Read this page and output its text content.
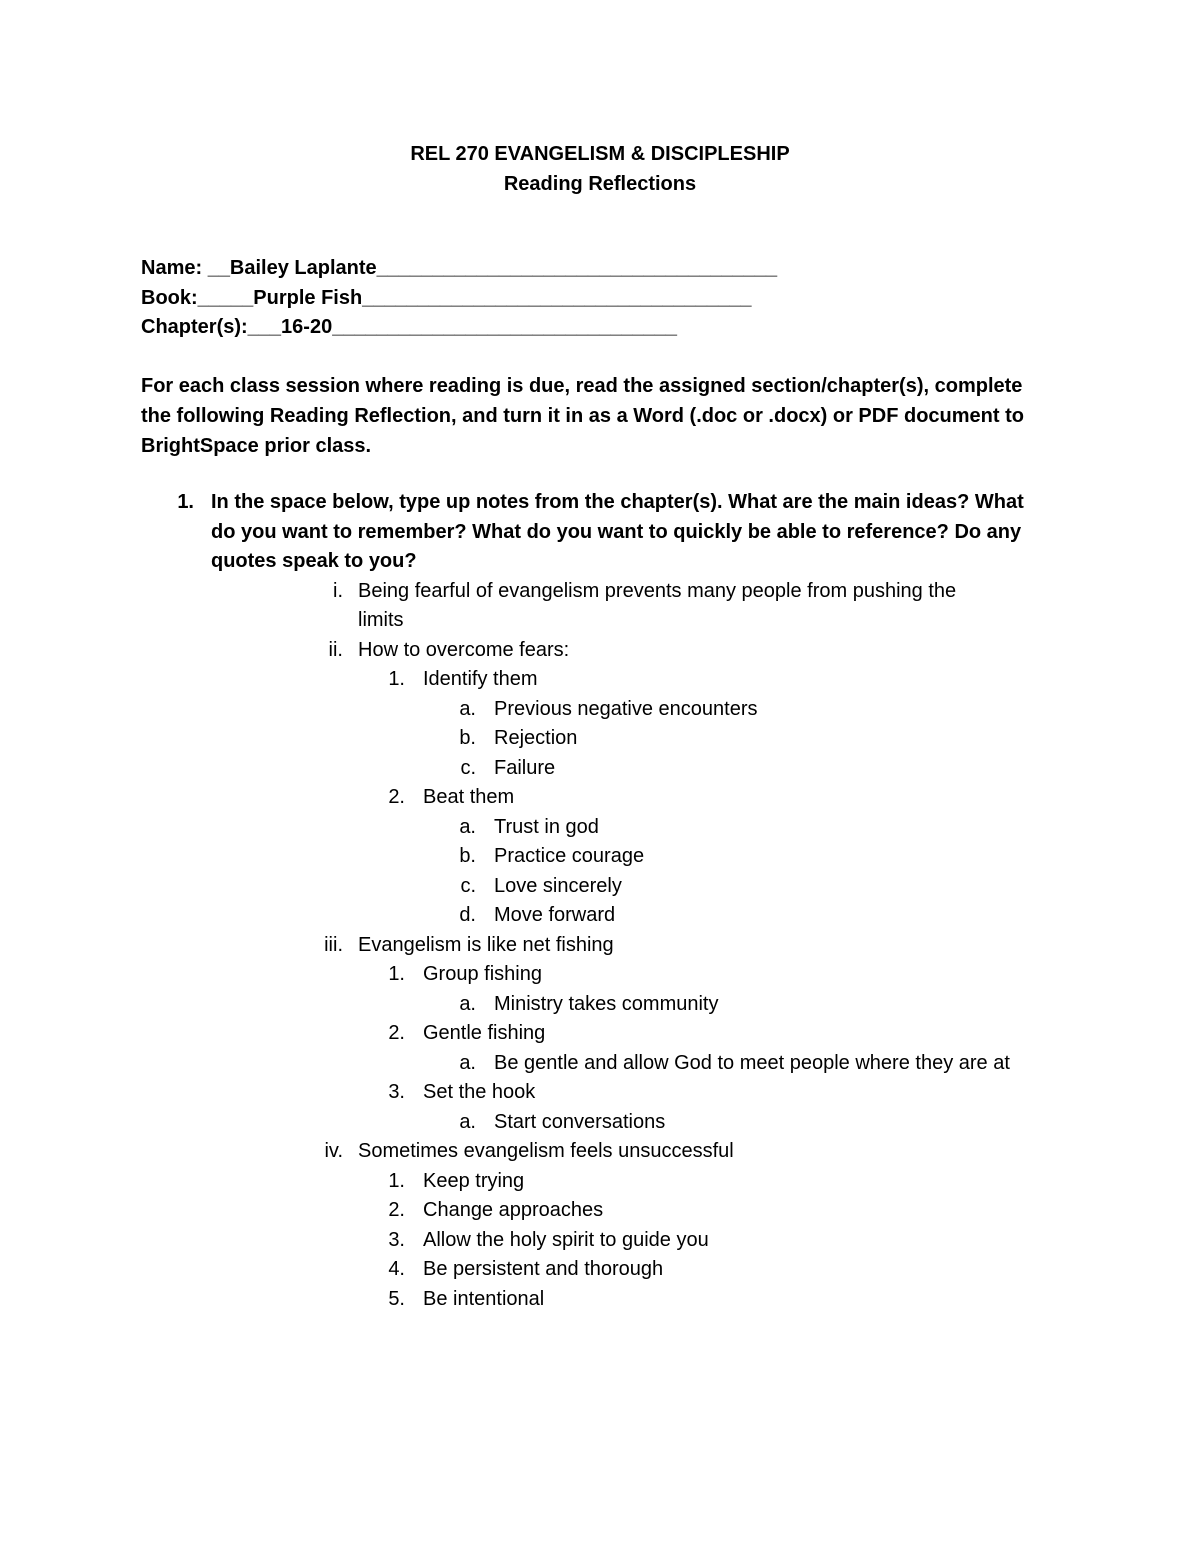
REL 270 EVANGELISM & DISCIPLESHIP
Reading Reflections
Name: __Bailey Laplante____________________________________
Book:_____Purple Fish___________________________________
Chapter(s):___16-20_______________________________
For each class session where reading is due, read the assigned section/chapter(s), complete
the following Reading Reflection, and turn it in as a Word (.doc or .docx) or PDF document to
BrightSpace prior class.
1. In the space below, type up notes from the chapter(s). What are the main ideas? What
do you want to remember? What do you want to quickly be able to reference? Do any
quotes speak to you?
i. Being fearful of evangelism prevents many people from pushing the
limits
ii. How to overcome fears:
1. Identify them
a. Previous negative encounters
b. Rejection
c. Failure
2. Beat them
a. Trust in god
b. Practice courage
c. Love sincerely
d. Move forward
iii. Evangelism is like net fishing
1. Group fishing
a. Ministry takes community
2. Gentle fishing
a. Be gentle and allow God to meet people where they are at
3. Set the hook
a. Start conversations
iv. Sometimes evangelism feels unsuccessful
1. Keep trying
2. Change approaches
3. Allow the holy spirit to guide you
4. Be persistent and thorough
5. Be intentional
